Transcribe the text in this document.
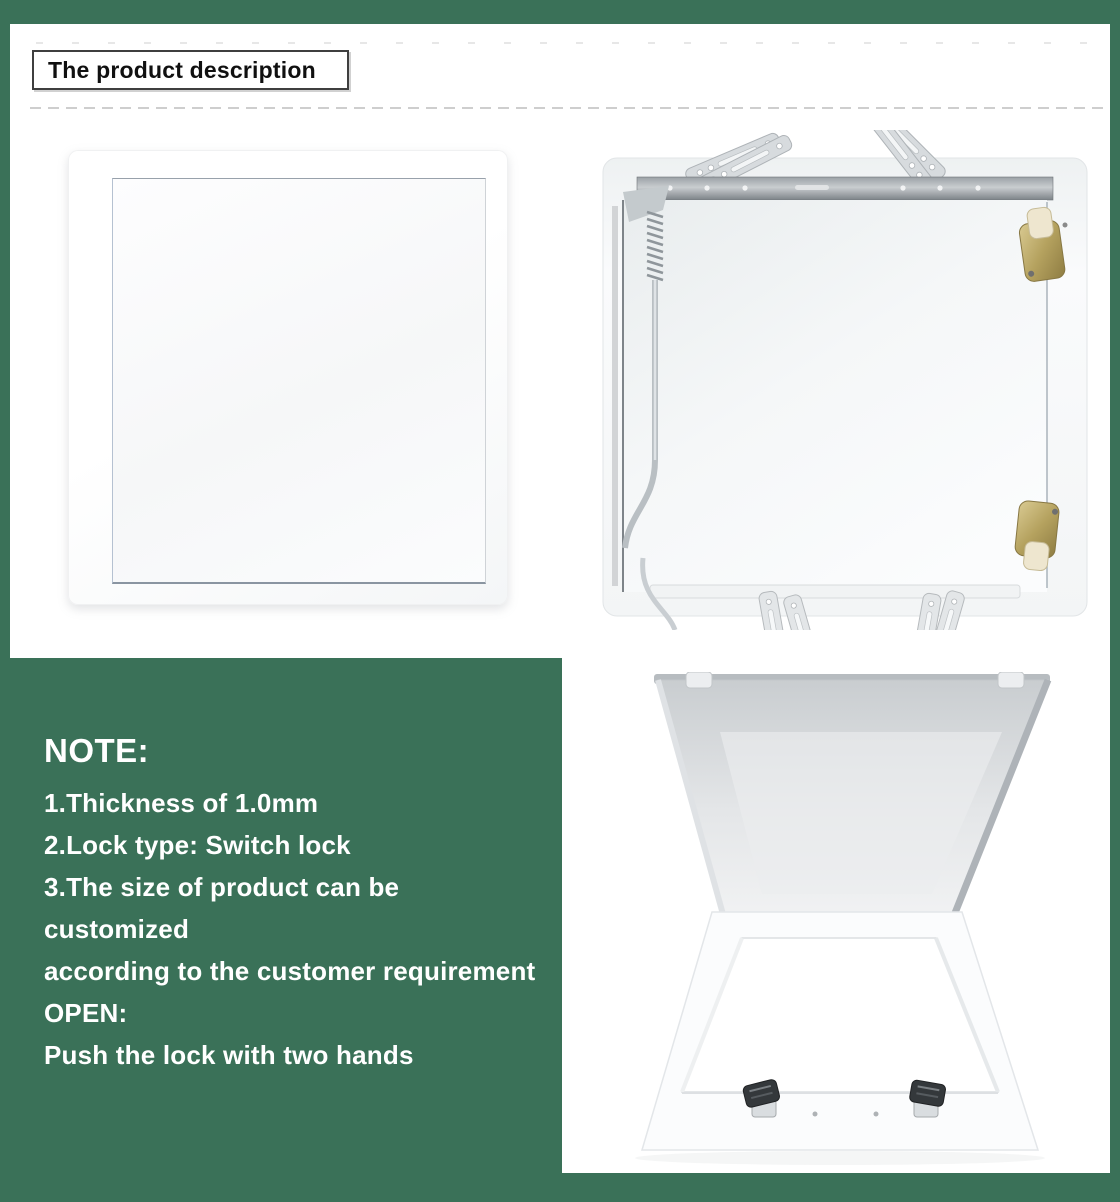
The product description
NOTE:
1.Thickness of 1.0mm
2.Lock type: Switch lock
3.The size of product can be customized
according to the customer requirement
OPEN:
Push the lock with two hands
